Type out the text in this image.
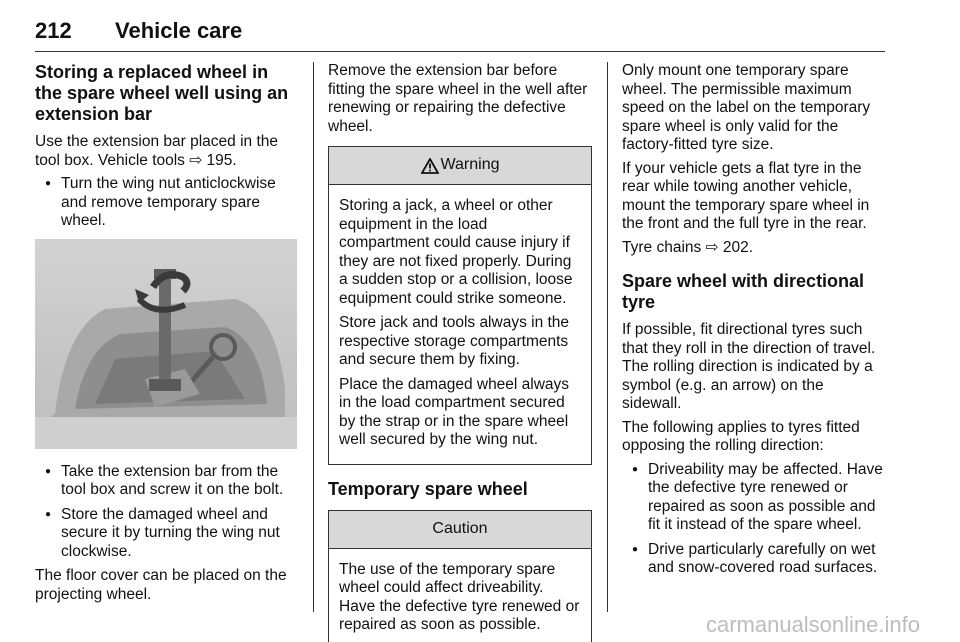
212 Vehicle care
Storing a replaced wheel in the spare wheel well using an extension bar

Use the extension bar placed in the tool box. Vehicle tools ⇨ 195.

● Turn the wing nut anticlockwise and remove temporary spare wheel.
● Take the extension bar from the tool box and screw it on the bolt.
● Store the damaged wheel and secure it by turning the wing nut clockwise.

The floor cover can be placed on the projecting wheel.

Remove the extension bar before fitting the spare wheel in the well after renewing or repairing the defective wheel.

Warning

Storing a jack, a wheel or other equipment in the load compartment could cause injury if they are not fixed properly. During a sudden stop or a collision, loose equipment could strike someone.

Store jack and tools always in the respective storage compartments and secure them by fixing.

Place the damaged wheel always in the load compartment secured by the strap or in the spare wheel well secured by the wing nut.

Temporary spare wheel
Caution

The use of the temporary spare wheel could affect driveability. Have the defective tyre renewed or repaired as soon as possible.

Only mount one temporary spare wheel. The permissible maximum speed on the label on the temporary spare wheel is only valid for the factory-fitted tyre size.

If your vehicle gets a flat tyre in the rear while towing another vehicle, mount the temporary spare wheel in the front and the full tyre in the rear.

Tyre chains ⇨ 202.

Spare wheel with directional tyre

If possible, fit directional tyres such that they roll in the direction of travel. The rolling direction is indicated by a symbol (e.g. an arrow) on the sidewall.

The following applies to tyres fitted opposing the rolling direction:

● Driveability may be affected. Have the defective tyre renewed or repaired as soon as possible and fit it instead of the spare wheel.
● Drive particularly carefully on wet and snow-covered road surfaces.
carmanualsonline.info
